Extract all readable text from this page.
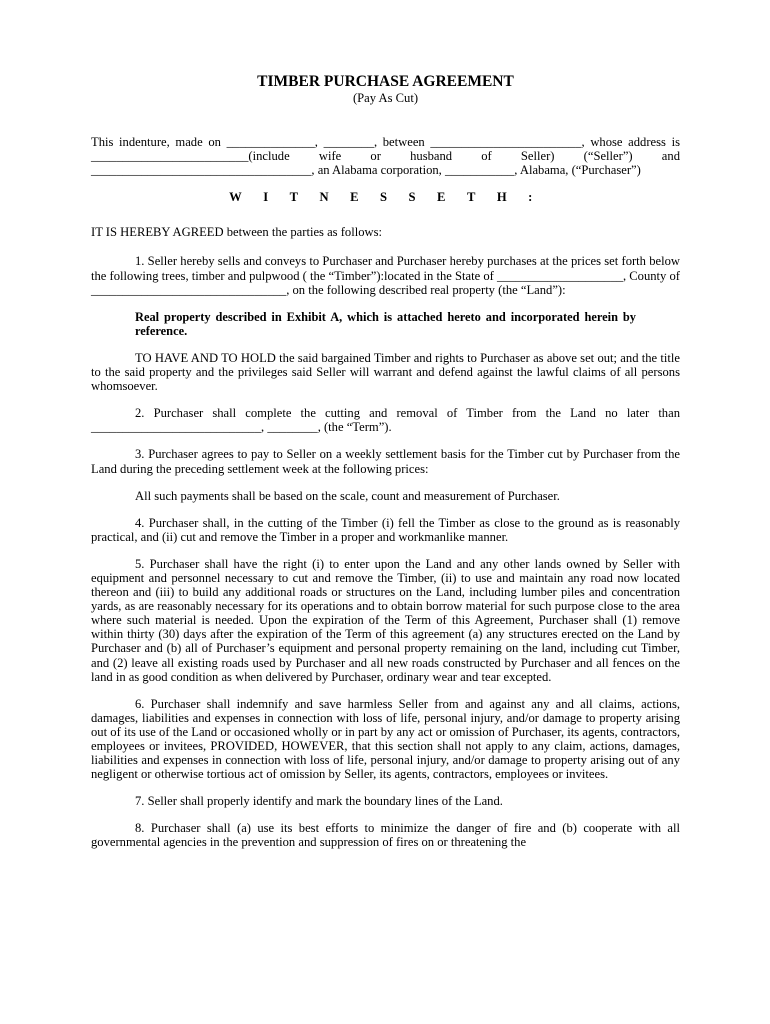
TIMBER PURCHASE AGREEMENT

(Pay As Cut)

This indenture, made on ______________, ________, between ________________________, whose address is _________________________(include wife or husband of Seller) (“Seller”) and ___________________________________, an Alabama corporation, ___________, Alabama, (“Purchaser”)

WITNESSETH:

IT IS HEREBY AGREED between the parties as follows:

1. Seller hereby sells and conveys to Purchaser and Purchaser hereby purchases at the prices set forth below the following trees, timber and pulpwood ( the “Timber”):located in the State of ____________________, County of _______________________________, on the following described real property (the “Land”):

Real property described in Exhibit A, which is attached hereto and incorporated herein by reference.

TO HAVE AND TO HOLD the said bargained Timber and rights to Purchaser as above set out; and the title to the said property and the privileges said Seller will warrant and defend against the lawful claims of all persons whomsoever.

2. Purchaser shall complete the cutting and removal of Timber from the Land no later than ___________________________, ________, (the “Term”).

3. Purchaser agrees to pay to Seller on a weekly settlement basis for the Timber cut by Purchaser from the Land during the preceding settlement week at the following prices:

All such payments shall be based on the scale, count and measurement of Purchaser.

4. Purchaser shall, in the cutting of the Timber (i) fell the Timber as close to the ground as is reasonably practical, and (ii) cut and remove the Timber in a proper and workmanlike manner.

5. Purchaser shall have the right (i) to enter upon the Land and any other lands owned by Seller with equipment and personnel necessary to cut and remove the Timber, (ii) to use and maintain any road now located thereon and (iii) to build any additional roads or structures on the Land, including lumber piles and concentration yards, as are reasonably necessary for its operations and to obtain borrow material for such purpose close to the area where such material is needed. Upon the expiration of the Term of this Agreement, Purchaser shall (1) remove within thirty (30) days after the expiration of the Term of this agreement (a) any structures erected on the Land by Purchaser and (b) all of Purchaser’s equipment and personal property remaining on the land, including cut Timber, and (2) leave all existing roads used by Purchaser and all new roads constructed by Purchaser and all fences on the land in as good condition as when delivered by Purchaser, ordinary wear and tear excepted.

6. Purchaser shall indemnify and save harmless Seller from and against any and all claims, actions, damages, liabilities and expenses in connection with loss of life, personal injury, and/or damage to property arising out of its use of the Land or occasioned wholly or in part by any act or omission of Purchaser, its agents, contractors, employees or invitees, PROVIDED, HOWEVER, that this section shall not apply to any claim, actions, damages, liabilities and expenses in connection with loss of life, personal injury, and/or damage to property arising out of any negligent or otherwise tortious act of omission by Seller, its agents, contractors, employees or invitees.

7. Seller shall properly identify and mark the boundary lines of the Land.

8. Purchaser shall (a) use its best efforts to minimize the danger of fire and (b) cooperate with all governmental agencies in the prevention and suppression of fires on or threatening the
